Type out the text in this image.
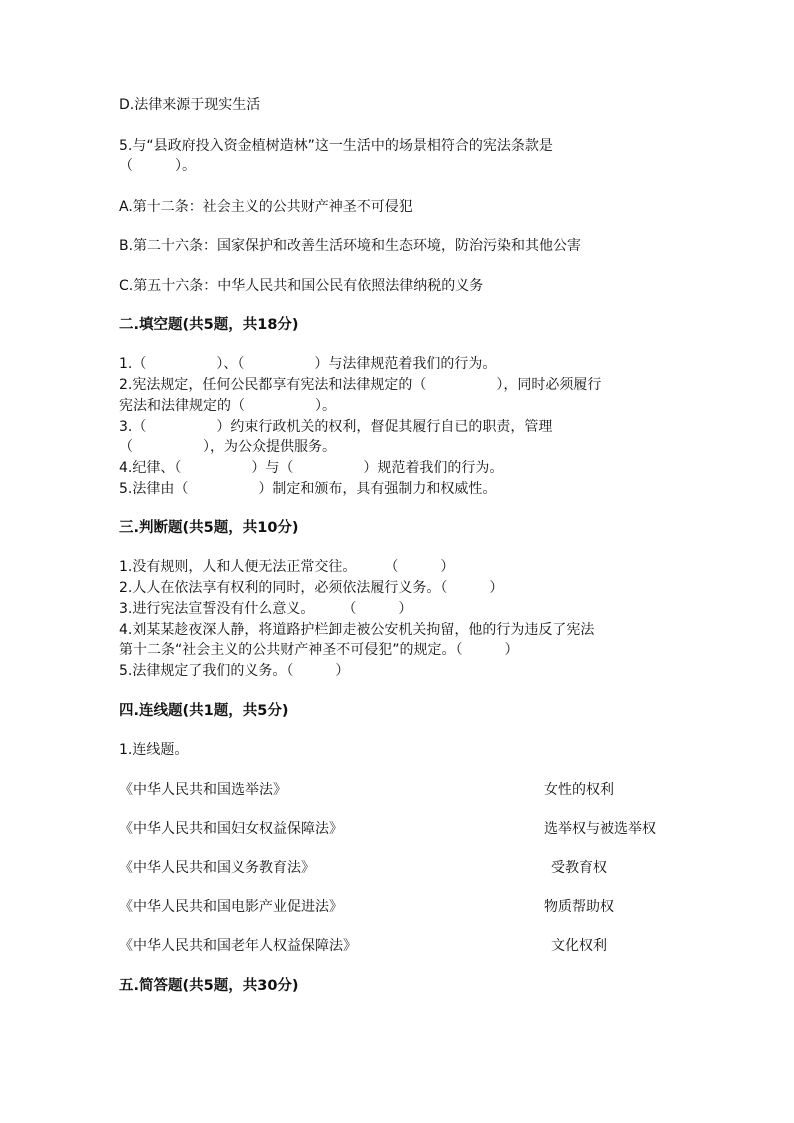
D.法律来源于现实生活
5.与“县政府投入资金植树造林”这一生活中的场景相符合的宪法条款是
（　　　）。
A.第十二条：社会主义的公共财产神圣不可侵犯
B.第二十六条：国家保护和改善生活环境和生态环境，防治污染和其他公害
C.第五十六条：中华人民共和国公民有依照法律纳税的义务
二.填空题(共5题，共18分)
1.（　　　　　）、（　　　　　）与法律规范着我们的行为。
2.宪法规定，任何公民都享有宪法和法律规定的（　　　　　），同时必须履行
宪法和法律规定的（　　　　　）。
3.（　　　　　）约束行政机关的权利，督促其履行自已的职责，管理
（　　　　　），为公众提供服务。
4.纪律、（　　　　　）与（　　　　　）规范着我们的行为。
5.法律由（　　　　　）制定和颁布，具有强制力和权威性。
三.判断题(共5题，共10分)
1.没有规则，人和人便无法正常交往。　　　（　　　）
2.人人在依法享有权利的同时，必须依法履行义务。（　　　）
3.进行宪法宣誓没有什么意义。　　　（　　　）
4.刘某某趁夜深人静，将道路护栏卸走被公安机关拘留，他的行为违反了宪法
第十二条“社会主义的公共财产神圣不可侵犯”的规定。（　　　）
5.法律规定了我们的义务。（　　　）
四.连线题(共1题，共5分)
1.连线题。
《中华人民共和国选举法》
《中华人民共和国妇女权益保障法》
《中华人民共和国义务教育法》
《中华人民共和国电影产业促进法》
《中华人民共和国老年人权益保障法》
女性的权利
选举权与被选举权
受教育权
物质帮助权
文化权利
五.简答题(共5题，共30分)
